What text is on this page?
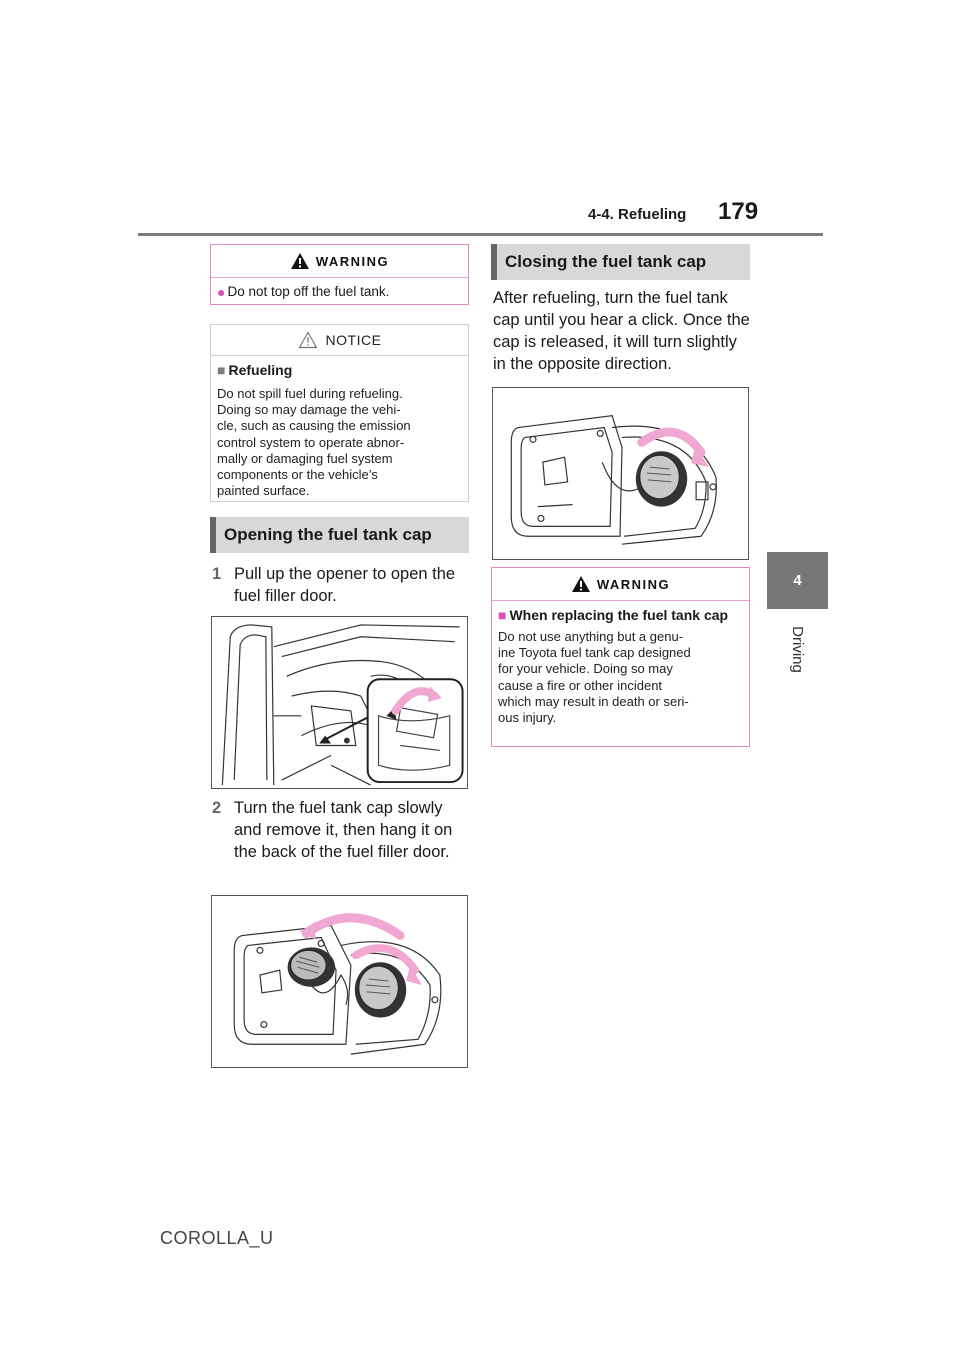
4-4. Refueling 179
4
Driving
WARNING
● Do not top off the fuel tank.
NOTICE
■ Refueling
Do not spill fuel during refueling.
Doing so may damage the vehi-
cle, such as causing the emission
control system to operate abnor-
mally or damaging fuel system
components or the vehicle’s
painted surface.
Opening the fuel tank cap
1 Pull up the opener to open the fuel filler door.
2 Turn the fuel tank cap slowly and remove it, then hang it on the back of the fuel filler door.
Closing the fuel tank cap
After refueling, turn the fuel tank cap until you hear a click. Once the cap is released, it will turn slightly in the opposite direction.
WARNING
■ When replacing the fuel tank cap
Do not use anything but a genu-
ine Toyota fuel tank cap designed
for your vehicle. Doing so may
cause a fire or other incident
which may result in death or seri-
ous injury.
COROLLA_U
